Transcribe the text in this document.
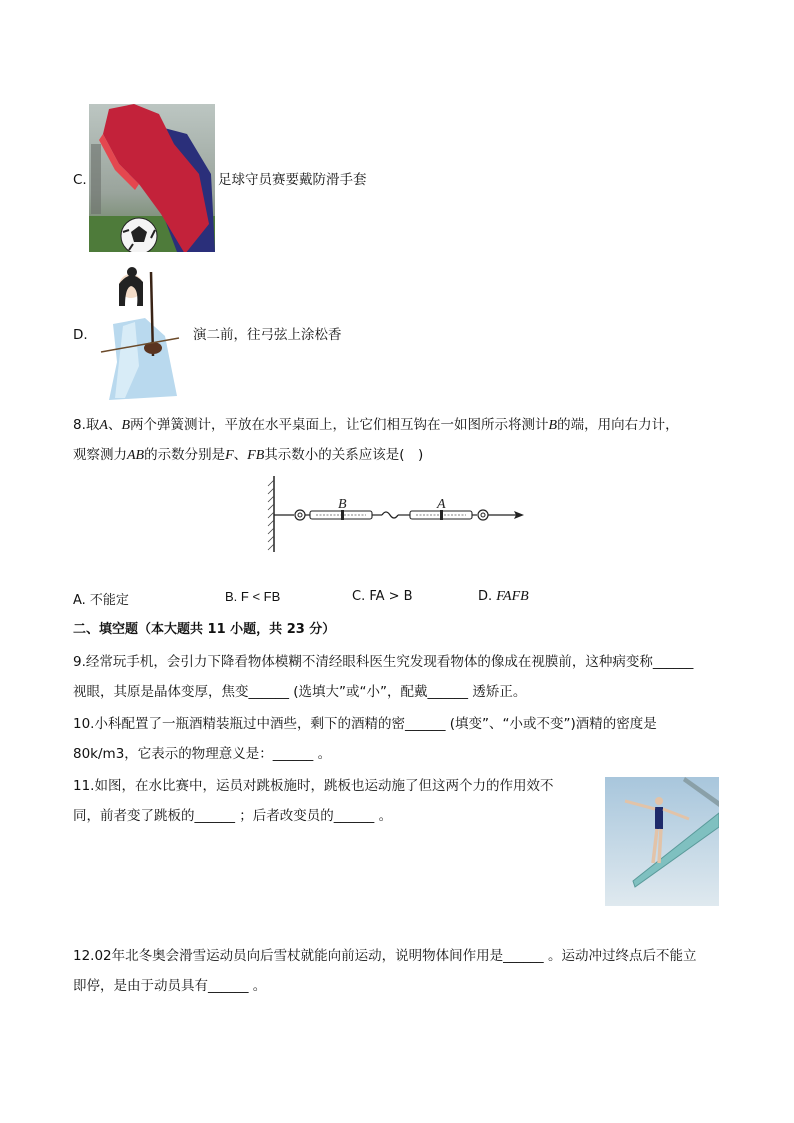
C.	足球守员赛要戴防滑手套
D.	演二前，往弓弦上涂松香
8.取A、B两个弹簧测计，平放在水平桌面上，让它们相互钩在一如图所示将测计B的端，用向右力计，
观察测力AB的示数分别是F、FB其示数小的关系应该是(　)
B	A
A. 不能定	B. F < FB	C. FA > B	D. FAFB
二、填空题（本大题共 11 小题，共 23 分）
9.经常玩手机，会引力下降看物体模糊不清经眼科医生究发现看物体的像成在视膜前，这种病变称______
视眼，其原是晶体变厚，焦变______ (选填大”或“小”，配戴______ 透矫正。
10.小科配置了一瓶酒精装瓶过中酒些，剩下的酒精的密______ (填变”、“小或不变”)酒精的密度是
80k/m3，它表示的物理意义是：______ 。
11.如图，在水比赛中，运员对跳板施时，跳板也运动施了但这两个力的作用效不
同，前者变了跳板的______ ；后者改变员的______ 。
12.02年北冬奥会滑雪运动员向后雪杖就能向前运动，说明物体间作用是______ 。运动冲过终点后不能立
即停，是由于动员具有______ 。
